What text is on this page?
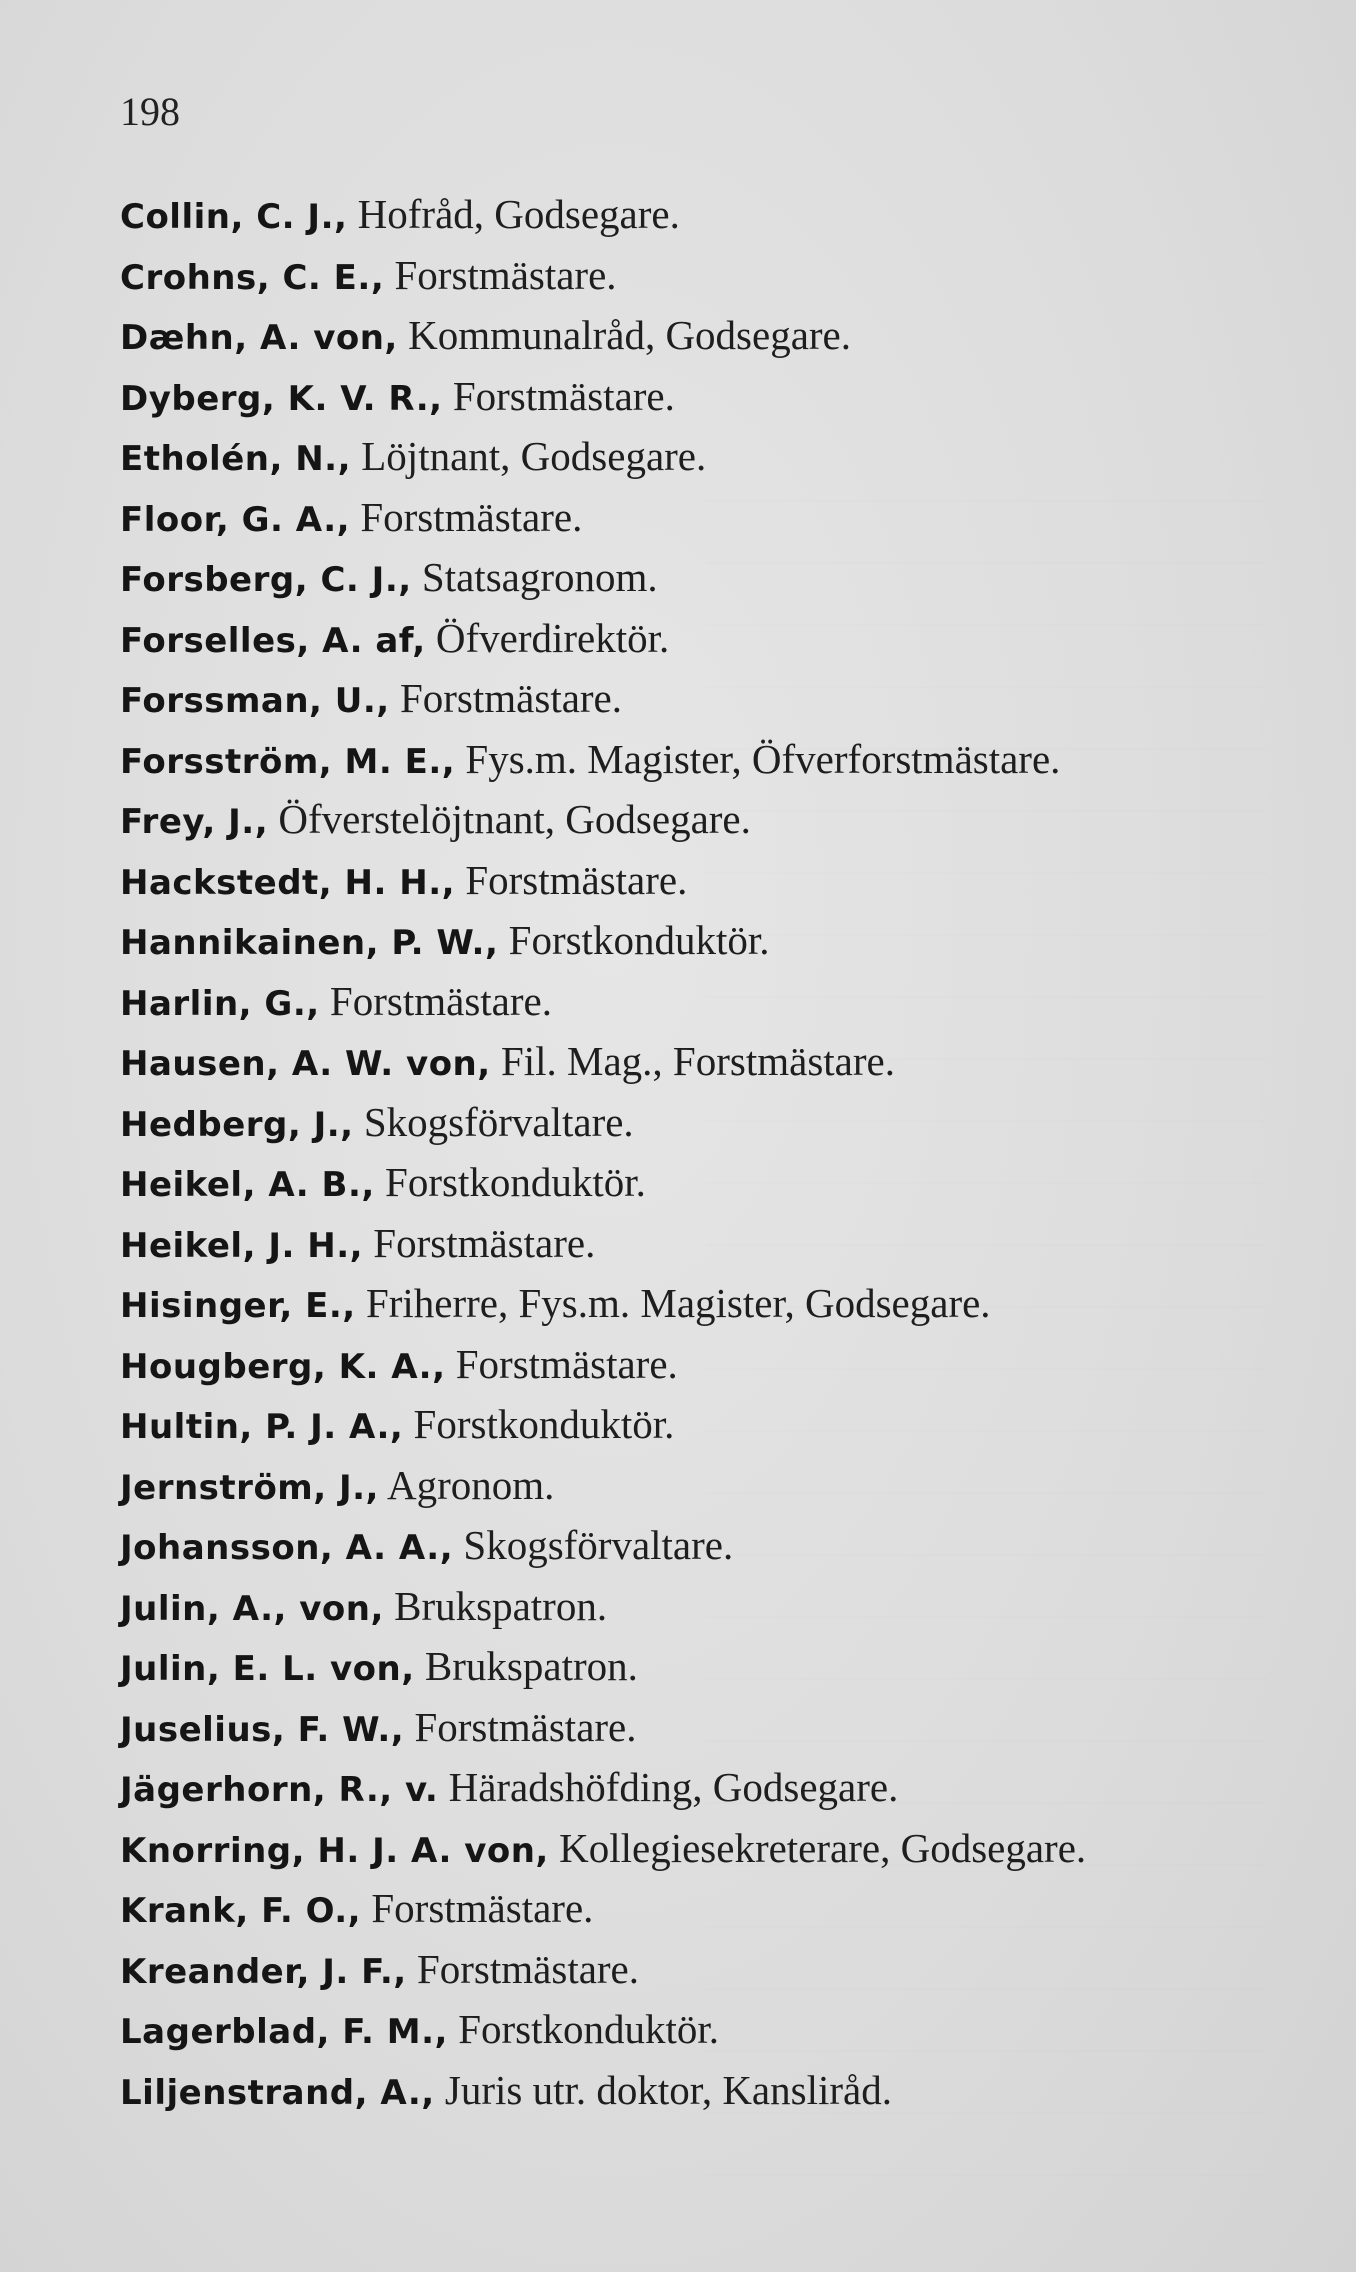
198
Collin, C. J., Hofråd, Godsegare.
Crohns, C. E., Forstmästare.
Dæhn, A. von, Kommunalråd, Godsegare.
Dyberg, K. V. R., Forstmästare.
Etholén, N., Löjtnant, Godsegare.
Floor, G. A., Forstmästare.
Forsberg, C. J., Statsagronom.
Forselles, A. af, Öfverdirektör.
Forssman, U., Forstmästare.
Forsström, M. E., Fys.m. Magister, Öfverforstmästare.
Frey, J., Öfverstelöjtnant, Godsegare.
Hackstedt, H. H., Forstmästare.
Hannikainen, P. W., Forstkonduktör.
Harlin, G., Forstmästare.
Hausen, A. W. von, Fil. Mag., Forstmästare.
Hedberg, J., Skogsförvaltare.
Heikel, A. B., Forstkonduktör.
Heikel, J. H., Forstmästare.
Hisinger, E., Friherre, Fys.m. Magister, Godsegare.
Hougberg, K. A., Forstmästare.
Hultin, P. J. A., Forstkonduktör.
Jernström, J., Agronom.
Johansson, A. A., Skogsförvaltare.
Julin, A., von, Brukspatron.
Julin, E. L. von, Brukspatron.
Juselius, F. W., Forstmästare.
Jägerhorn, R., v. Häradshöfding, Godsegare.
Knorring, H. J. A. von, Kollegiesekreterare, Godsegare.
Krank, F. O., Forstmästare.
Kreander, J. F., Forstmästare.
Lagerblad, F. M., Forstkonduktör.
Liljenstrand, A., Juris utr. doktor, Kansliråd.
